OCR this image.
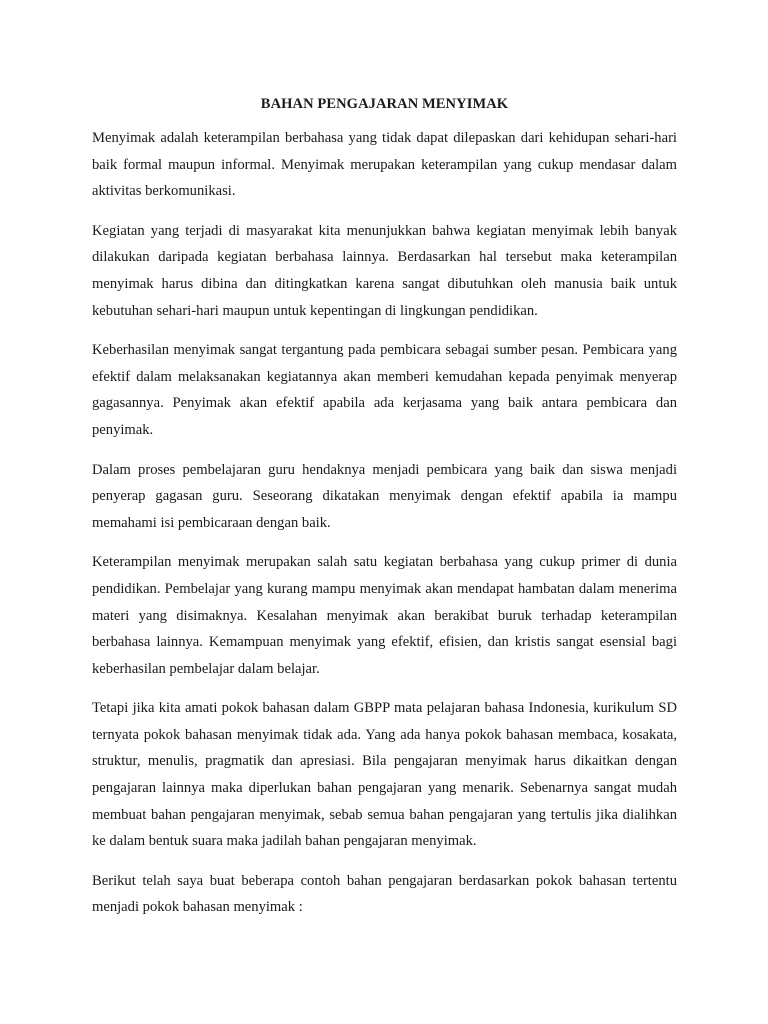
BAHAN PENGAJARAN MENYIMAK

Menyimak adalah keterampilan berbahasa yang tidak dapat dilepaskan dari kehidupan sehari-hari baik formal maupun informal. Menyimak merupakan keterampilan yang cukup mendasar dalam aktivitas berkomunikasi.

Kegiatan yang terjadi di masyarakat kita menunjukkan bahwa kegiatan menyimak lebih banyak dilakukan daripada kegiatan berbahasa lainnya. Berdasarkan hal tersebut maka keterampilan menyimak harus dibina dan ditingkatkan karena sangat dibutuhkan oleh manusia baik untuk kebutuhan sehari-hari maupun untuk kepentingan di lingkungan pendidikan.

Keberhasilan menyimak sangat tergantung pada pembicara sebagai sumber pesan. Pembicara yang efektif dalam melaksanakan kegiatannya akan memberi kemudahan kepada penyimak menyerap gagasannya. Penyimak akan efektif apabila ada kerjasama yang baik antara pembicara dan penyimak.

Dalam proses pembelajaran guru hendaknya menjadi pembicara yang baik dan siswa menjadi penyerap gagasan guru. Seseorang dikatakan menyimak dengan efektif apabila ia mampu memahami isi pembicaraan dengan baik.

Keterampilan menyimak merupakan salah satu kegiatan berbahasa yang cukup primer di dunia pendidikan. Pembelajar yang kurang mampu menyimak akan mendapat hambatan dalam menerima materi yang disimaknya. Kesalahan menyimak akan berakibat buruk terhadap keterampilan berbahasa lainnya. Kemampuan menyimak yang efektif, efisien, dan kristis sangat esensial bagi keberhasilan pembelajar dalam belajar.

Tetapi jika kita amati pokok bahasan dalam GBPP mata pelajaran bahasa Indonesia, kurikulum SD ternyata pokok bahasan menyimak tidak ada. Yang ada hanya pokok bahasan membaca, kosakata, struktur, menulis, pragmatik dan apresiasi. Bila pengajaran menyimak harus dikaitkan dengan pengajaran lainnya maka diperlukan bahan pengajaran yang menarik. Sebenarnya sangat mudah membuat bahan pengajaran menyimak, sebab semua bahan pengajaran yang tertulis jika dialihkan ke dalam bentuk suara maka jadilah bahan pengajaran menyimak.

Berikut telah saya buat beberapa contoh bahan pengajaran berdasarkan pokok bahasan tertentu menjadi pokok bahasan menyimak :
